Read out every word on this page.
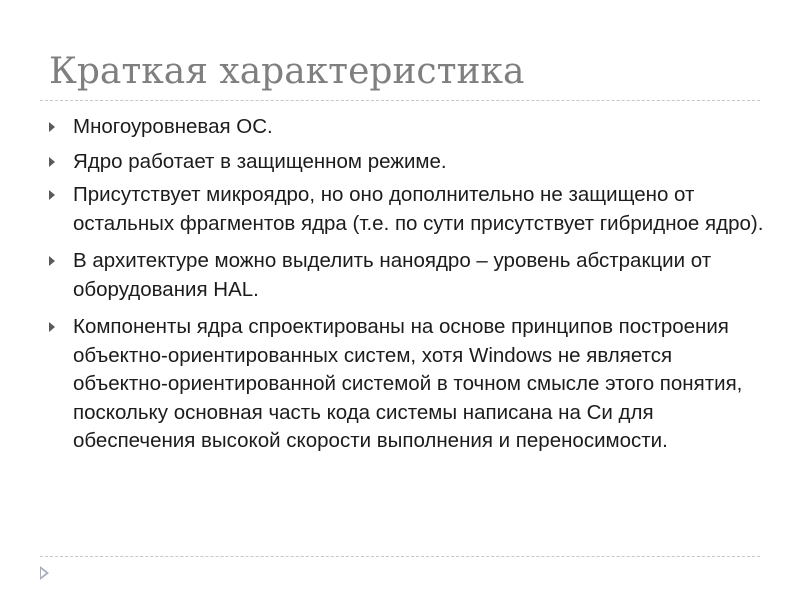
Краткая характеристика
Многоуровневая ОС.
Ядро работает в защищенном режиме.
Присутствует микроядро, но оно дополнительно не защищено от остальных фрагментов ядра (т.е. по сути присутствует гибридное ядро).
В архитектуре можно выделить наноядро – уровень абстракции от оборудования HAL.
Компоненты ядра спроектированы на основе принципов построения объектно-ориентированных систем, хотя Windows не является объектно-ориентированной системой в точном смысле этого понятия, поскольку основная часть кода системы написана на Си для обеспечения высокой скорости выполнения и переносимости.
